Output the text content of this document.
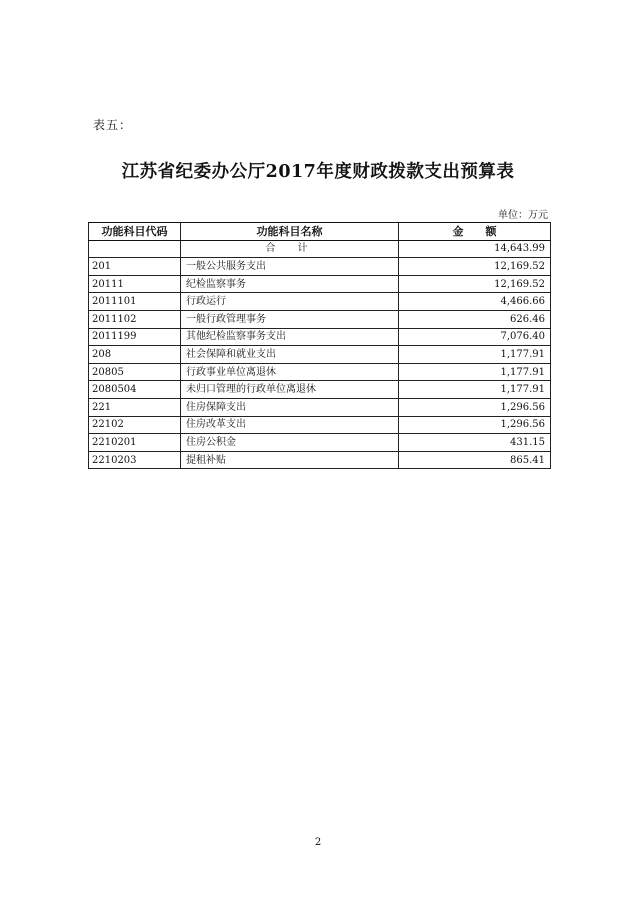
表五：
江苏省纪委办公厅2017年度财政拨款支出预算表
单位：万元
功能科目代码	功能科目名称	金　　额
	合　计	14,643.99
201	一般公共服务支出	12,169.52
20111	纪检监察事务	12,169.52
2011101	行政运行	4,466.66
2011102	一般行政管理事务	626.46
2011199	其他纪检监察事务支出	7,076.40
208	社会保障和就业支出	1,177.91
20805	行政事业单位离退休	1,177.91
2080504	未归口管理的行政单位离退休	1,177.91
221	住房保障支出	1,296.56
22102	住房改革支出	1,296.56
2210201	住房公积金	431.15
2210203	提租补贴	865.41
2
